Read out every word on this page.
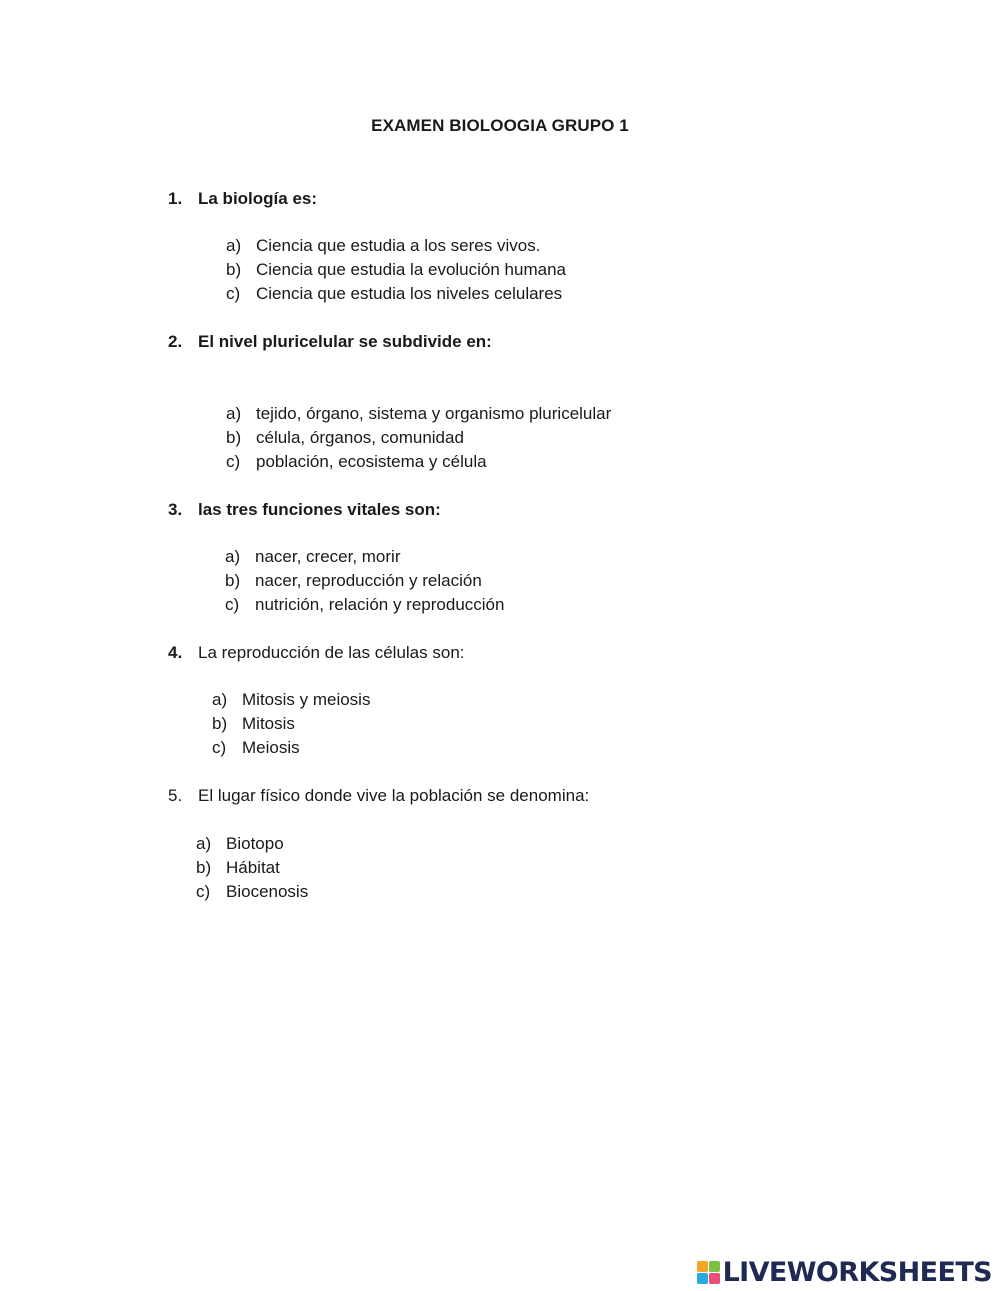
EXAMEN BIOLOOGIA GRUPO 1
1. La biología es:
a) Ciencia que estudia a los seres vivos.
b) Ciencia que estudia la evolución humana
c) Ciencia que estudia los niveles celulares
2. El nivel pluricelular se subdivide en:
a) tejido, órgano, sistema y organismo pluricelular
b) célula, órganos, comunidad
c) población, ecosistema y célula
3. las tres funciones vitales son:
a) nacer, crecer, morir
b) nacer, reproducción y relación
c) nutrición, relación y reproducción
4. La reproducción de las células son:
a) Mitosis y meiosis
b) Mitosis
c) Meiosis
5. El lugar físico donde vive la población se denomina:
a) Biotopo
b) Hábitat
c) Biocenosis
LIVEWORKSHEETS
